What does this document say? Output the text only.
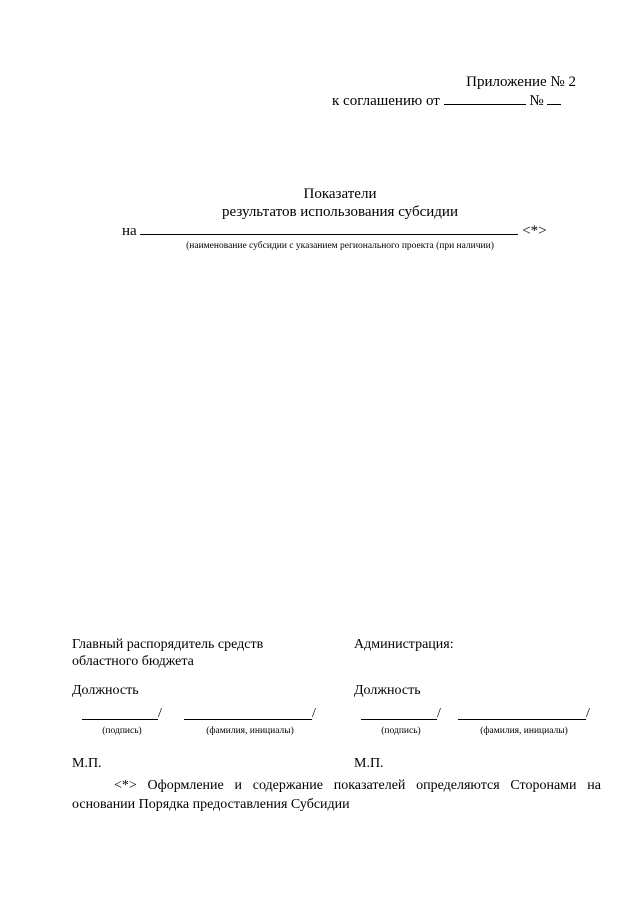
Приложение № 2
к соглашению от	№
Показатели
результатов использования субсидии
на	<*>
(наименование субсидии с указанием регионального проекта (при наличии)
Главный распорядитель средств
областного бюджета
Должность
/	/
(подпись)	(фамилия, инициалы)
М.П.
Администрация:
Должность
/	/
(подпись)	(фамилия, инициалы)
М.П.
<*> Оформление и содержание показателей определяются Сторонами на
основании Порядка предоставления Субсидии
